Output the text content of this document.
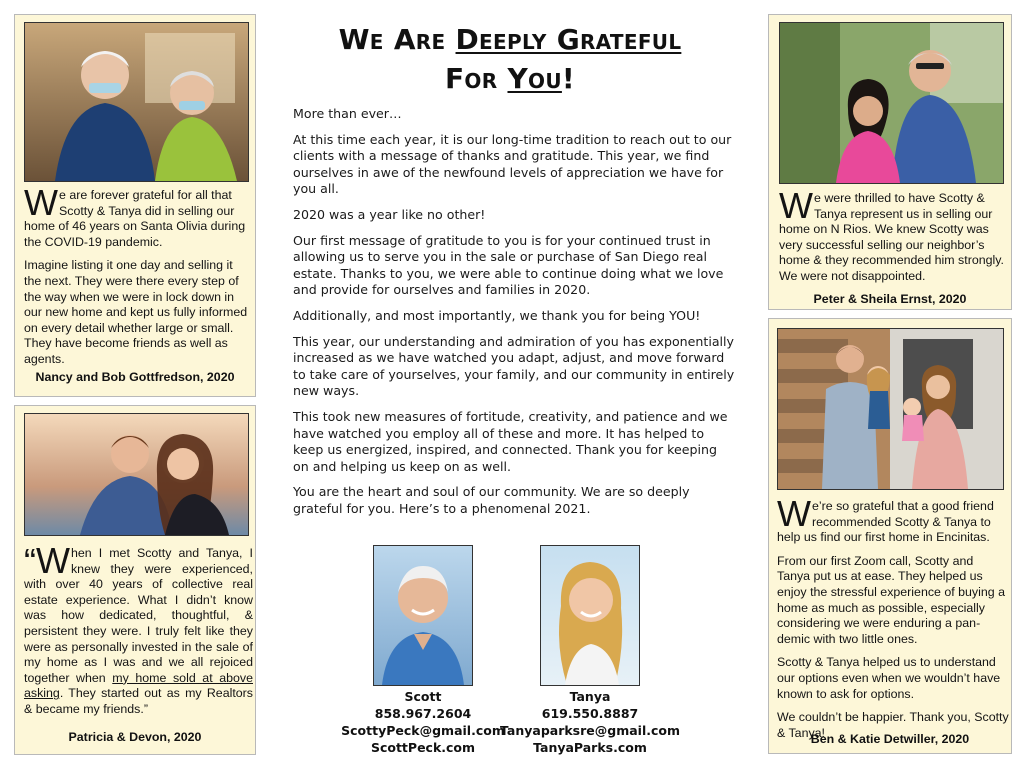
We are forever grateful for all that Scotty & Tanya did in selling our home of 46 years on Santa Olivia during the COVID-19 pandemic.

Imagine listing it one day and selling it the next. They were there every step of the way when we were in lock down in our new home and kept us fully informed on every detail whether large or small. They have become friends as well as agents.

Nancy and Bob Gottfredson, 2020

“ W hen I met Scotty and Tanya, I knew they were experienced, with over 40 years of collective real estate experience. What I didn’t know was how dedicated, thoughtful, & persistent they were. I truly felt like they were as personally invested in the sale of my home as I was and we all rejoiced together when my home sold at above asking. They started out as my Realtors & became my friends.”

Patricia & Devon, 2020
We Are Deeply Grateful
For You!

More than ever…

At this time each year, it is our long-time tradition to reach out to our clients with a message of thanks and gratitude. This year, we find ourselves in awe of the newfound levels of appreciation we have for you all.

2020 was a year like no other!

Our first message of gratitude to you is for your continued trust in allowing us to serve you in the sale or purchase of San Diego real estate. Thanks to you, we were able to continue doing what we love and provide for ourselves and families in 2020.

Additionally, and most importantly, we thank you for being YOU!

This year, our understanding and admiration of you has exponentially increased as we have watched you adapt, adjust, and move forward to take care of yourselves, your family, and our community in entirely new ways.

This took new measures of fortitude, creativity, and patience and we have watched you employ all of these and more. It has helped to keep us energized, inspired, and connected. Thank you for keeping on and helping us keep on as well.

You are the heart and soul of our community. We are so deeply grateful for you. Here’s to a phenomenal 2021.

Scott
858.967.2604
ScottyPeck@gmail.com
ScottPeck.com
Tanya
619.550.8887
Tanyaparksre@gmail.com
TanyaParks.com

We were thrilled to have Scotty & Tanya represent us in selling our home on N Rios. We knew Scotty was very successful selling our neighbor’s home & they recommended him strongly. We were not disappointed.

Peter & Sheila Ernst, 2020

We’re so grateful that a good friend recommended Scotty & Tanya to help us find our first home in Encinitas.

From our first Zoom call, Scotty and Tanya put us at ease. They helped us enjoy the stressful experience of buying a home as much as possible, especially considering we were enduring a pan-demic with two little ones.

Scotty & Tanya helped us to understand our options even when we wouldn’t have known to ask for options.

We couldn’t be happier. Thank you, Scotty & Tanya!

Ben & Katie Detwiller, 2020
